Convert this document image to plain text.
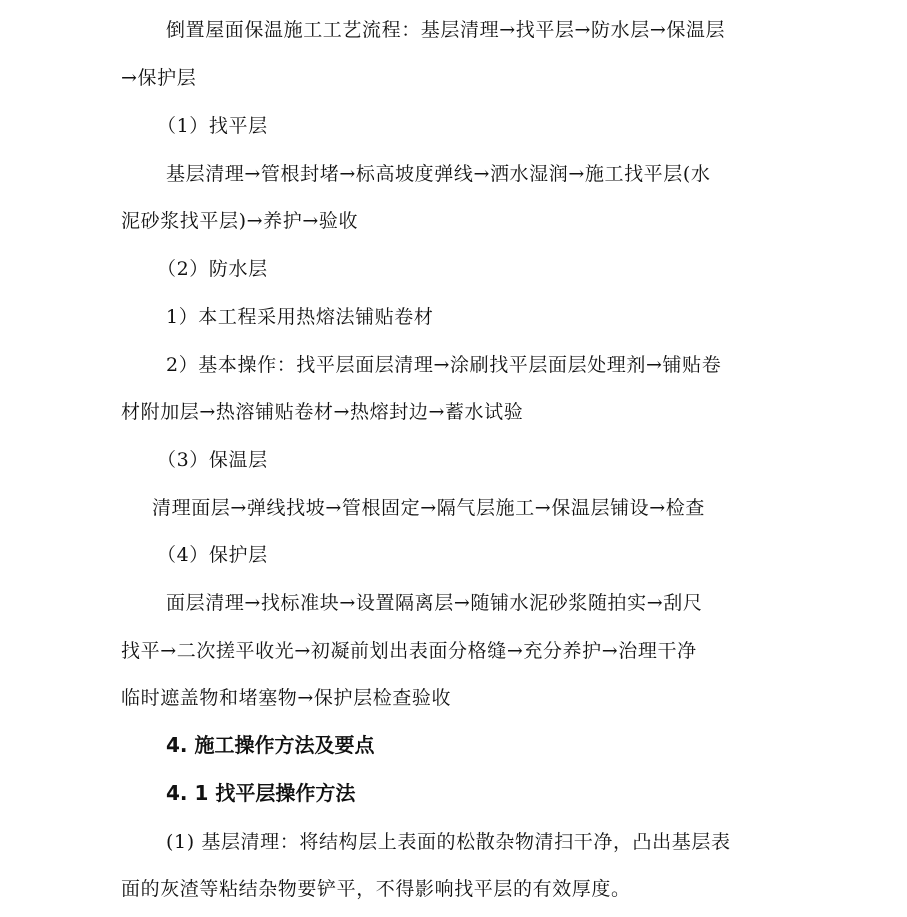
倒置屋面保温施工工艺流程：基层清理→找平层→防水层→保温层
→保护层
（1）找平层
基层清理→管根封堵→标高坡度弹线→洒水湿润→施工找平层(水
泥砂浆找平层)→养护→验收
（2）防水层
1）本工程采用热熔法铺贴卷材
2）基本操作：找平层面层清理→涂刷找平层面层处理剂→铺贴卷
材附加层→热溶铺贴卷材→热熔封边→蓄水试验
（3）保温层
清理面层→弹线找坡→管根固定→隔气层施工→保温层铺设→检查
（4）保护层
面层清理→找标准块→设置隔离层→随铺水泥砂浆随拍实→刮尺
找平→二次搓平收光→初凝前划出表面分格缝→充分养护→治理干净
临时遮盖物和堵塞物→保护层检查验收
4. 施工操作方法及要点
4. 1 找平层操作方法
(1) 基层清理：将结构层上表面的松散杂物清扫干净，凸出基层表
面的灰渣等粘结杂物要铲平，不得影响找平层的有效厚度。
